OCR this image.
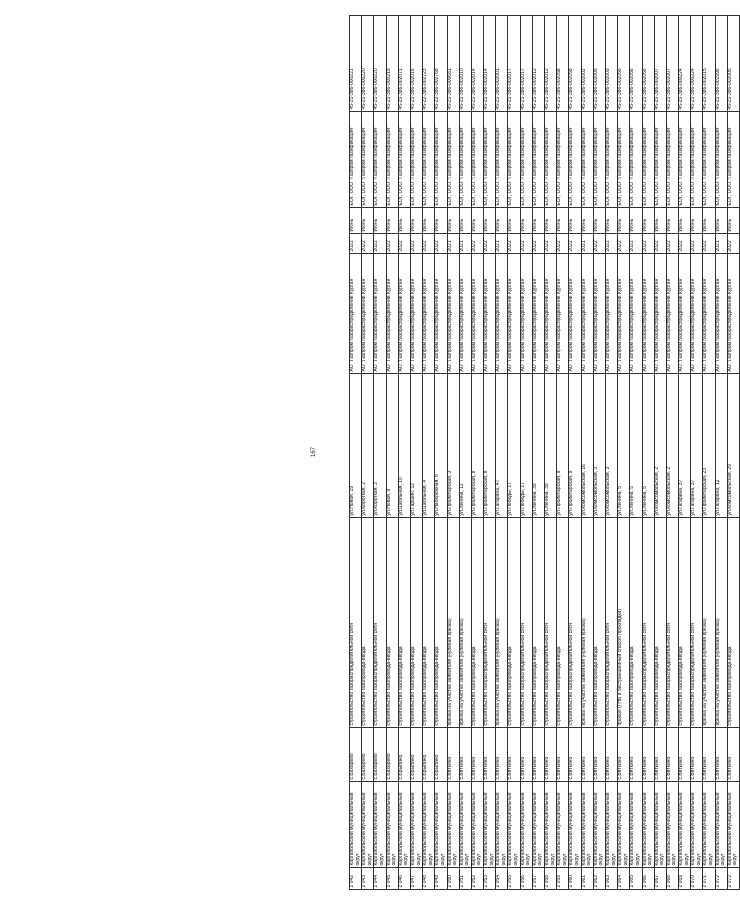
167
2 042	Каргапольский муниципальный округ	с.Бахарево	строительство газораспределительной сети	ул.Новая, 19	АО "Газпром газораспределение Курган"	2022	Июнь	ЕОГ, ООО "Газпром газификация"	45-21-386-000221
2 043	Каргапольский муниципальный округ	с.Бахарево	строительство газопровода-ввода	ул.Короткая, 2	АО "Газпром газораспределение Курган"	2022	Июнь	ЕОГ, ООО "Газпром газификация"	45-21-386-000220
2 044	Каргапольский муниципальный округ	с.Бахарево	строительство газораспределительной сети	ул.Короткая, 2	АО "Газпром газораспределение Курган"	2022	Июнь	ЕОГ, ООО "Газпром газификация"	45-21-386-000220
2 045	Каргапольский муниципальный округ	с.Бахарево	строительство газопровода-ввода	ул.Новая, 9	АО "Газпром газораспределение Курган"	2022	Июнь	ЕОГ, ООО "Газпром газификация"	45-21-386-000219
2 046	Каргапольский муниципальный округ	с.Брылино	строительство газопровода-ввода	ул.Школьная, 10	АО "Газпром газораспределение Курган"	2022	Июнь	ЕОГ, ООО "Газпром газификация"	45-21-386-002071
2 047	Каргапольский муниципальный округ	с.Брылино	строительство газопровода-ввода	ул.Гаршин, 12	АО "Газпром газораспределение Курган"	2022	Июнь	ЕОГ, ООО "Газпром газификация"	45-21-386-002016
2 048	Каргапольский муниципальный округ	с.Брылино	строительство газопровода-ввода	ул.Школьная, 4	АО "Газпром газораспределение Курган"	2022	Июнь	ЕОГ, ООО "Газпром газификация"	45-22-386-002723
2 049	Каргапольский муниципальный округ	с.Брылино	строительство газопровода-ввода	ул.Набережная, 6	АО "Газпром газораспределение Курган"	2022	Июнь	ЕОГ, ООО "Газпром газификация"	45-22-386-002768
2 050	Каргапольский муниципальный округ	с.Вяткино	врезка на участке заявителя (нулевая врезка)	ул.Пролетарская, 3	АО "Газпром газораспределение Курган"	2021	Июнь	ЕОГ, ООО "Газпром газификация"	45-21-386-000681
2 051	Каргапольский муниципальный округ	с.Вяткино	врезка на участке заявителя (нулевая врезка)	ул.Ленина, 12	АО "Газпром газораспределение Курган"	2021	Июнь	ЕОГ, ООО "Газпром газификация"	45-21-386-002010
2 052	Каргапольский муниципальный округ	с.Вяткино	строительство газопровода-ввода	ул.Пролетарская, 8	АО "Газпром газораспределение Курган"	2022	Июнь	ЕОГ, ООО "Газпром газификация"	45-21-386-002014
2 053	Каргапольский муниципальный округ	с.Вяткино	строительство газораспределительной сети	ул.Пролетарская, 8	АО "Газпром газораспределение Курган"	2022	Июнь	ЕОГ, ООО "Газпром газификация"	45-21-386-002014
2 054	Каргапольский муниципальный округ	с.Вяткино	врезка на участке заявителя (нулевая врезка)	ул.Гагарина, 47	АО "Газпром газораспределение Курган"	2021	Июнь	ЕОГ, ООО "Газпром газификация"	45-21-386-002001
2 055	Каргапольский муниципальный округ	с.Вяткино	строительство газопровода-ввода	ул.Победы, 17	АО "Газпром газораспределение Курган"	2022	Июнь	ЕОГ, ООО "Газпром газификация"	45-21-386-002017
2 056	Каргапольский муниципальный округ	с.Вяткино	строительство газораспределительной сети	ул.Победы, 17	АО "Газпром газораспределение Курган"	2022	Июнь	ЕОГ, ООО "Газпром газификация"	45-21-386-002017
2 057	Каргапольский муниципальный округ	с.Вяткино	строительство газопровода-ввода	ул.Ленина, 39	АО "Газпром газораспределение Курган"	2022	Июнь	ЕОГ, ООО "Газпром газификация"	45-21-386-002012
2 058	Каргапольский муниципальный округ	с.Вяткино	строительство газораспределительной сети	ул.Ленина, 39	АО "Газпром газораспределение Курган"	2022	Июнь	ЕОГ, ООО "Газпром газификация"	45-21-386-002012
2 059	Каргапольский муниципальный округ	с.Вяткино	строительство газопровода-ввода	ул.Пролетарская, 9	АО "Газпром газораспределение Курган"	2022	Июнь	ЕОГ, ООО "Газпром газификация"	45-21-386-002058
2 060	Каргапольский муниципальный округ	с.Вяткино	строительство газораспределительной сети	ул.Пролетарская, 9	АО "Газпром газораспределение Курган"	2022	Июнь	ЕОГ, ООО "Газпром газификация"	45-21-386-002058
2 061	Каргапольский муниципальный округ	с.Вяткино	врезка на участке заявителя (нулевая врезка)	ул.Комсомольская, 16	АО "Газпром газораспределение Курган"	2021	Июнь	ЕОГ, ООО "Газпром газификация"	45-21-386-002002
2 062	Каргапольский муниципальный округ	с.Вяткино	строительство газопровода-ввода	ул.Комсомольская, 3	АО "Газпром газораспределение Курган"	2022	Июнь	ЕОГ, ООО "Газпром газификация"	45-21-386-002009
2 063	Каргапольский муниципальный округ	с.Вяткино	строительство газораспределительной сети	ул.Комсомольская, 3	АО "Газпром газораспределение Курган"	2022	Июнь	ЕОГ, ООО "Газпром газификация"	45-21-386-002009
2 064	Каргапольский муниципальный округ	с.Вяткино	прокол (ГНБ и бестраншейный способ прокладки)	ул.Ленина, 5	АО "Газпром газораспределение Курган"	2022	Июнь	ЕОГ, ООО "Газпром газификация"	45-21-386-002056
2 065	Каргапольский муниципальный округ	с.Вяткино	строительство газопровода-ввода	ул.Ленина, 5	АО "Газпром газораспределение Курган"	2022	Июнь	ЕОГ, ООО "Газпром газификация"	45-21-386-002056
2 066	Каргапольский муниципальный округ	с.Вяткино	строительство газораспределительной сети	ул.Ленина, 5	АО "Газпром газораспределение Курган"	2022	Июнь	ЕОГ, ООО "Газпром газификация"	45-21-386-002056
2 067	Каргапольский муниципальный округ	с.Вяткино	строительство газопровода-ввода	ул.Комсомольская, 2	АО "Газпром газораспределение Курган"	2022	Июнь	ЕОГ, ООО "Газпром газификация"	45-21-386-002007
2 068	Каргапольский муниципальный округ	с.Вяткино	строительство газораспределительной сети	ул.Комсомольская, 2	АО "Газпром газораспределение Курган"	2022	Июнь	ЕОГ, ООО "Газпром газификация"	45-21-386-002007
2 069	Каргапольский муниципальный округ	с.Вяткино	строительство газопровода-ввода	ул.Гагарина, 37	АО "Газпром газораспределение Курган"	2022	Июнь	ЕОГ, ООО "Газпром газификация"	45-21-386-000224
2 070	Каргапольский муниципальный округ	с.Вяткино	строительство газораспределительной сети	ул.Гагарина, 37	АО "Газпром газораспределение Курган"	2022	Июнь	ЕОГ, ООО "Газпром газификация"	45-21-386-000224
2 071	Каргапольский муниципальный округ	с.Вяткино	врезка на участке заявителя (нулевая врезка)	ул.Пролетарская, 23	АО "Газпром газораспределение Курган"	2022	Июнь	ЕОГ, ООО "Газпром газификация"	45-21-386-002015
2 072	Каргапольский муниципальный округ	с.Вяткино	врезка на участке заявителя (нулевая врезка)	ул.Гагарина, 12	АО "Газпром газораспределение Курган"	2021	Июнь	ЕОГ, ООО "Газпром газификация"	45-21-386-001998
2 073	Каргапольский муниципальный округ	с.Вяткино	строительство газопровода-ввода	ул.Комсомольская, 29	АО "Газпром газораспределение Курган"	2022	Июнь	ЕОГ, ООО "Газпром газификация"	45-21-386-002005
